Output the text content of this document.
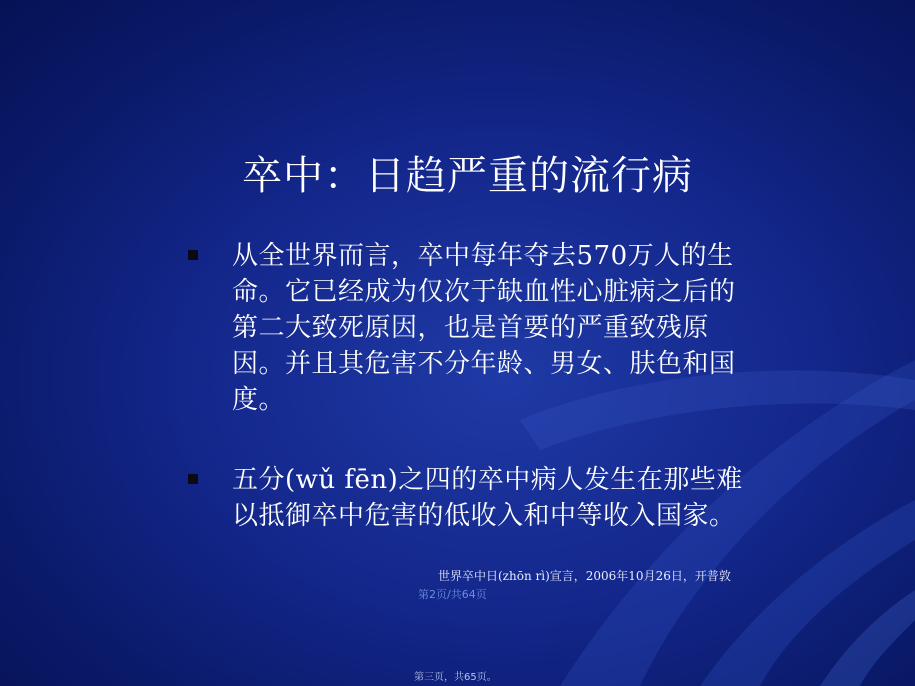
卒中：日趋严重的流行病
从全世界而言，卒中每年夺去570万人的生命。它已经成为仅次于缺血性心脏病之后的第二大致死原因，也是首要的严重致残原因。并且其危害不分年龄、男女、肤色和国度。
五分(wǔ fēn)之四的卒中病人发生在那些难以抵御卒中危害的低收入和中等收入国家。
世界卒中日(zhōn rì)宣言，2006年10月26日，开普敦
第2页/共64页
第三页，共65页。
